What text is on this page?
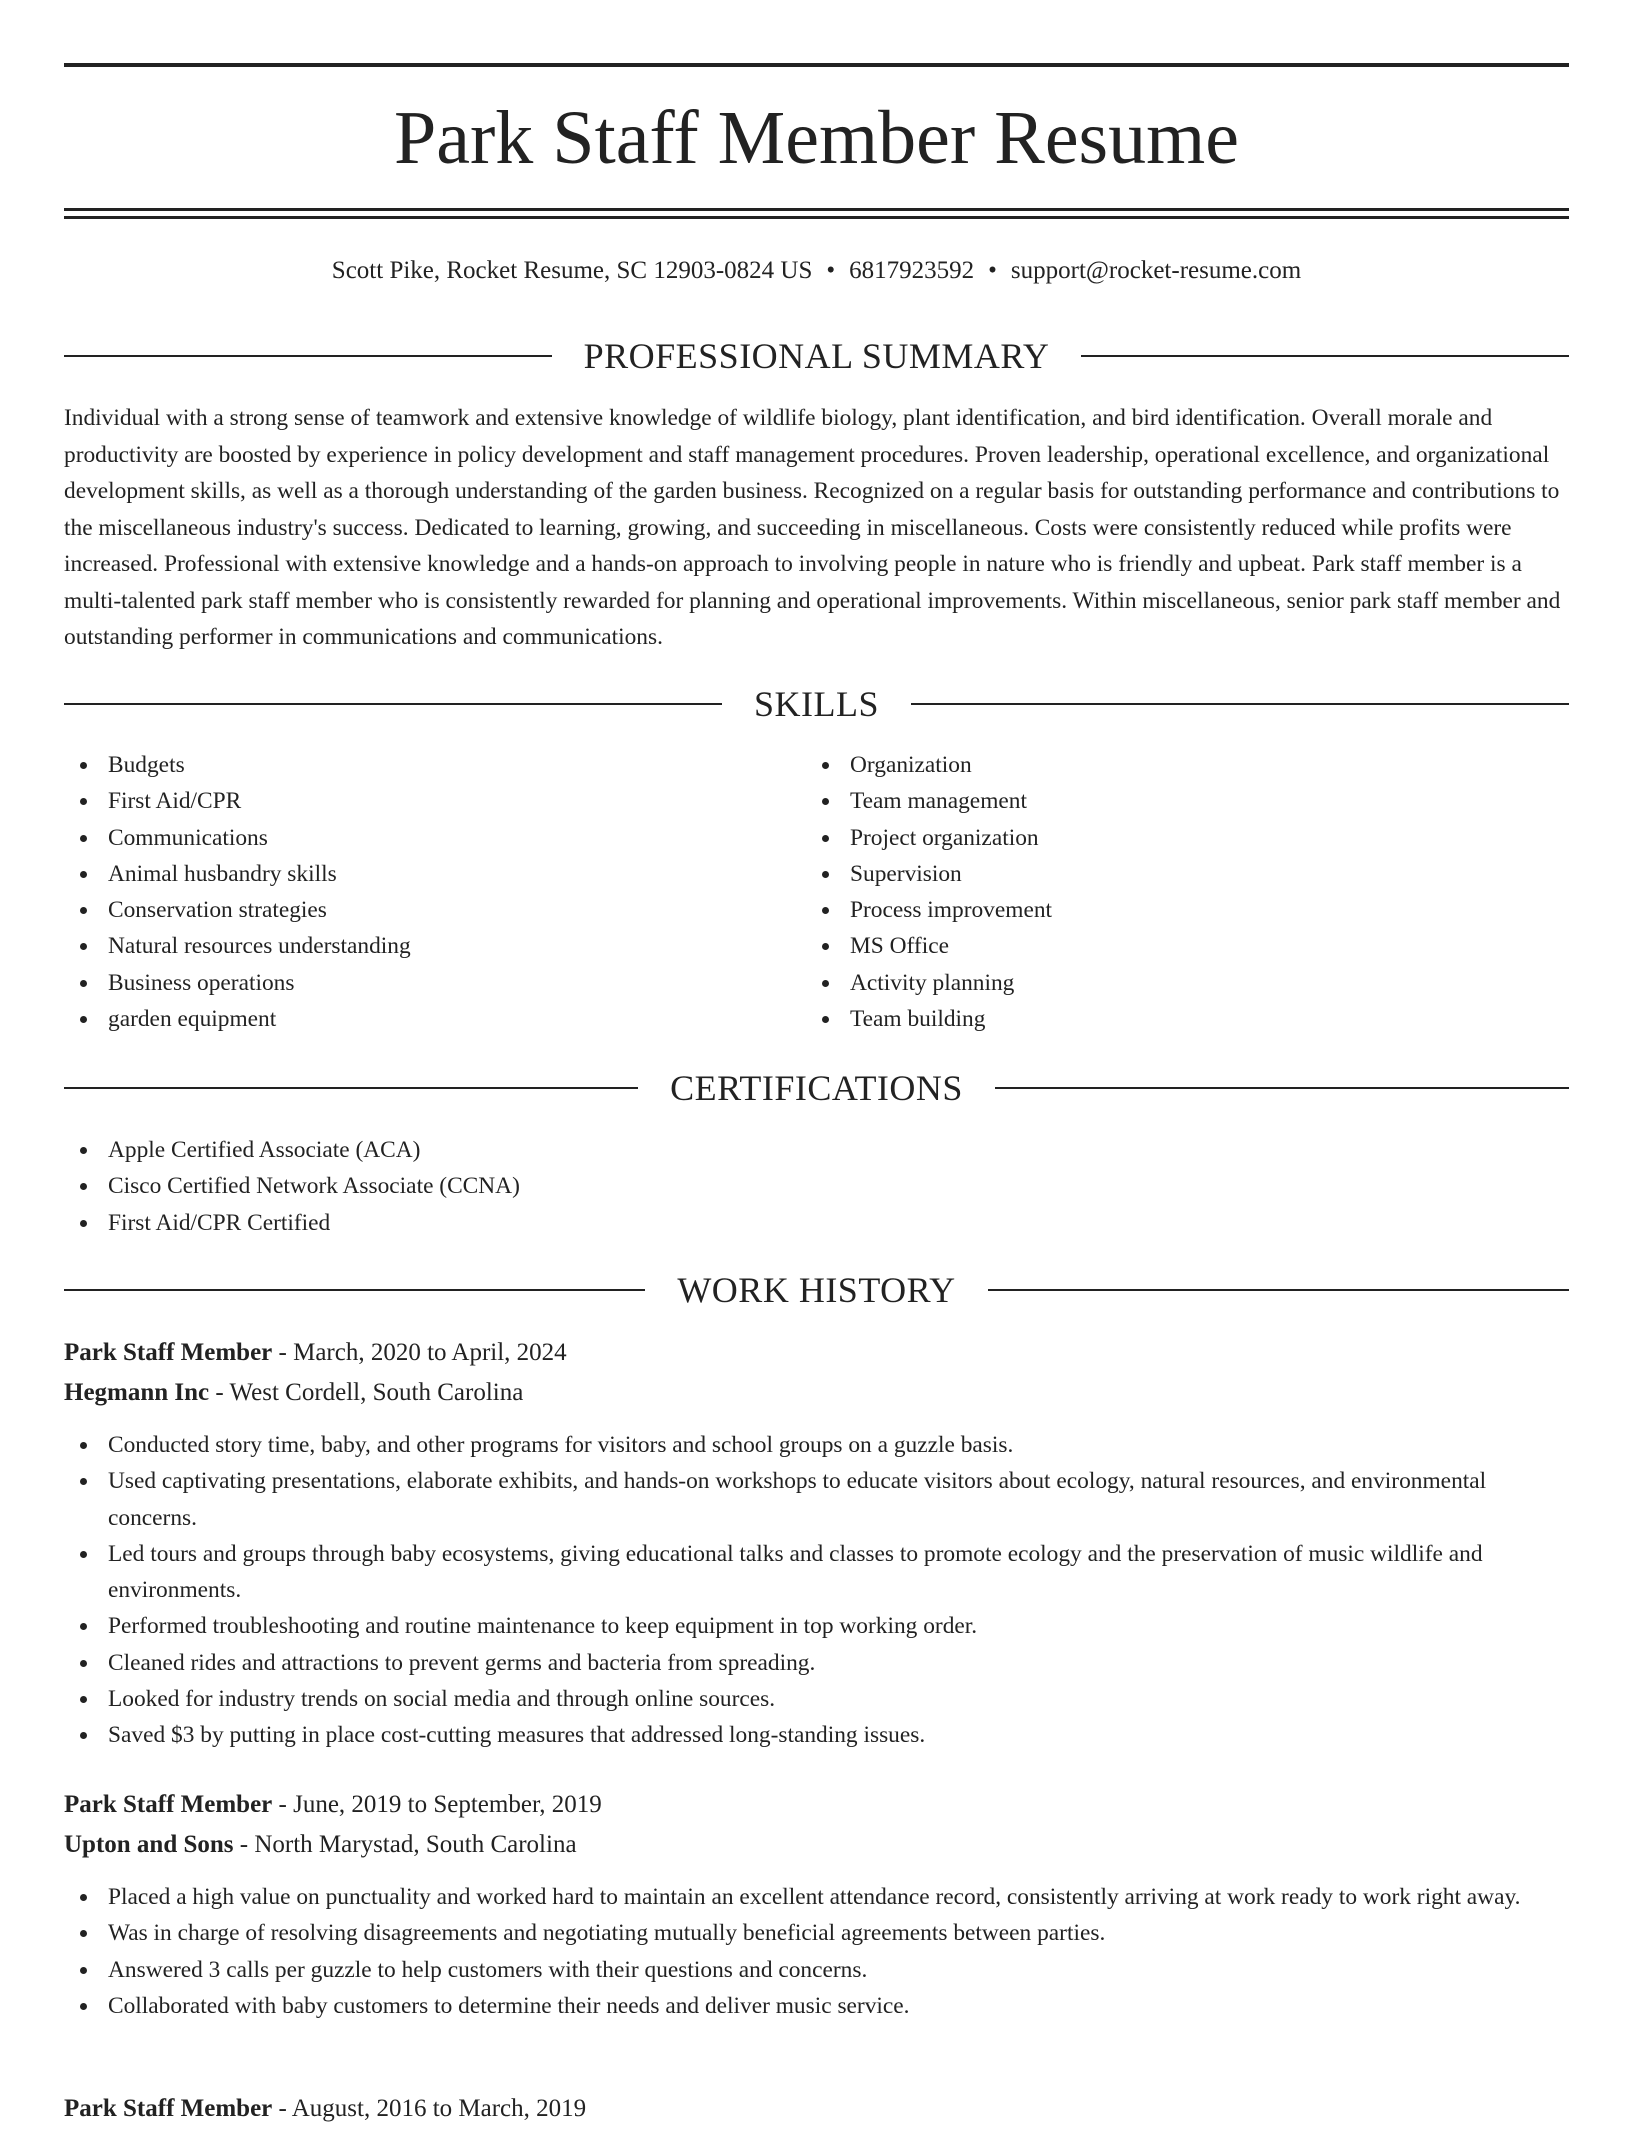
Park Staff Member Resume
Scott Pike, Rocket Resume, SC 12903-0824 US • 6817923592 • support@rocket-resume.com
PROFESSIONAL SUMMARY

Individual with a strong sense of teamwork and extensive knowledge of wildlife biology, plant identification, and bird identification. Overall morale and productivity are boosted by experience in policy development and staff management procedures. Proven leadership, operational excellence, and organizational development skills, as well as a thorough understanding of the garden business. Recognized on a regular basis for outstanding performance and contributions to the miscellaneous industry's success. Dedicated to learning, growing, and succeeding in miscellaneous. Costs were consistently reduced while profits were increased. Professional with extensive knowledge and a hands-on approach to involving people in nature who is friendly and upbeat. Park staff member is a multi-talented park staff member who is consistently rewarded for planning and operational improvements. Within miscellaneous, senior park staff member and outstanding performer in communications and communications.

SKILLS
Budgets
First Aid/CPR
Communications
Animal husbandry skills
Conservation strategies
Natural resources understanding
Business operations
garden equipment
Organization
Team management
Project organization
Supervision
Process improvement
MS Office
Activity planning
Team building
CERTIFICATIONS
Apple Certified Associate (ACA)
Cisco Certified Network Associate (CCNA)
First Aid/CPR Certified
WORK HISTORY
Park Staff Member - March, 2020 to April, 2024
Hegmann Inc - West Cordell, South Carolina
Conducted story time, baby, and other programs for visitors and school groups on a guzzle basis.
Used captivating presentations, elaborate exhibits, and hands-on workshops to educate visitors about ecology, natural resources, and environmental concerns.
Led tours and groups through baby ecosystems, giving educational talks and classes to promote ecology and the preservation of music wildlife and environments.
Performed troubleshooting and routine maintenance to keep equipment in top working order.
Cleaned rides and attractions to prevent germs and bacteria from spreading.
Looked for industry trends on social media and through online sources.
Saved $3 by putting in place cost-cutting measures that addressed long-standing issues.
Park Staff Member - June, 2019 to September, 2019
Upton and Sons - North Marystad, South Carolina
Placed a high value on punctuality and worked hard to maintain an excellent attendance record, consistently arriving at work ready to work right away.
Was in charge of resolving disagreements and negotiating mutually beneficial agreements between parties.
Answered 3 calls per guzzle to help customers with their questions and concerns.
Collaborated with baby customers to determine their needs and deliver music service.
Park Staff Member - August, 2016 to March, 2019
